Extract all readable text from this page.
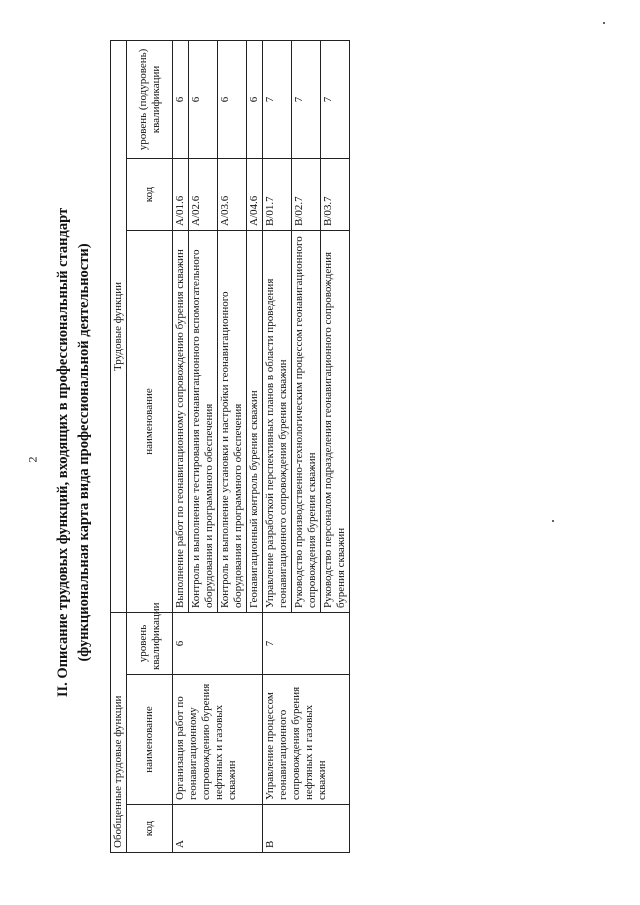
2 II. Описание трудовых функций, входящих в профессиональный стандарт (функциональная карта вида профессиональной деятельности)
Обобщенные трудовые функции			Трудовые функции		
код	наименование	уровень квалификации	наименование	код	уровень (подуровень) квалификации
A	Организация работ по геонавигационному сопровождению бурения нефтяных и газовых скважин	6	Выполнение работ по геонавигационному сопровождению бурения скважин	A/01.6	6
			Контроль и выполнение тестирования геонавигационного вспомогательного оборудования и программного обеспечения	A/02.6	6
			Контроль и выполнение установки и настройки геонавигационного оборудования и программного обеспечения	A/03.6	6
			Геонавигационный контроль бурения скважин	A/04.6	6
B	Управление процессом геонавигационного сопровождения бурения нефтяных и газовых скважин	7	Управление разработкой перспективных планов в области проведения геонавигационного сопровождения бурения скважин	B/01.7	7
			Руководство производственно-технологическим процессом геонавигационного сопровождения бурения скважин	B/02.7	7
			Руководство персоналом подразделения геонавигационного сопровождения бурения скважин	B/03.7	7
